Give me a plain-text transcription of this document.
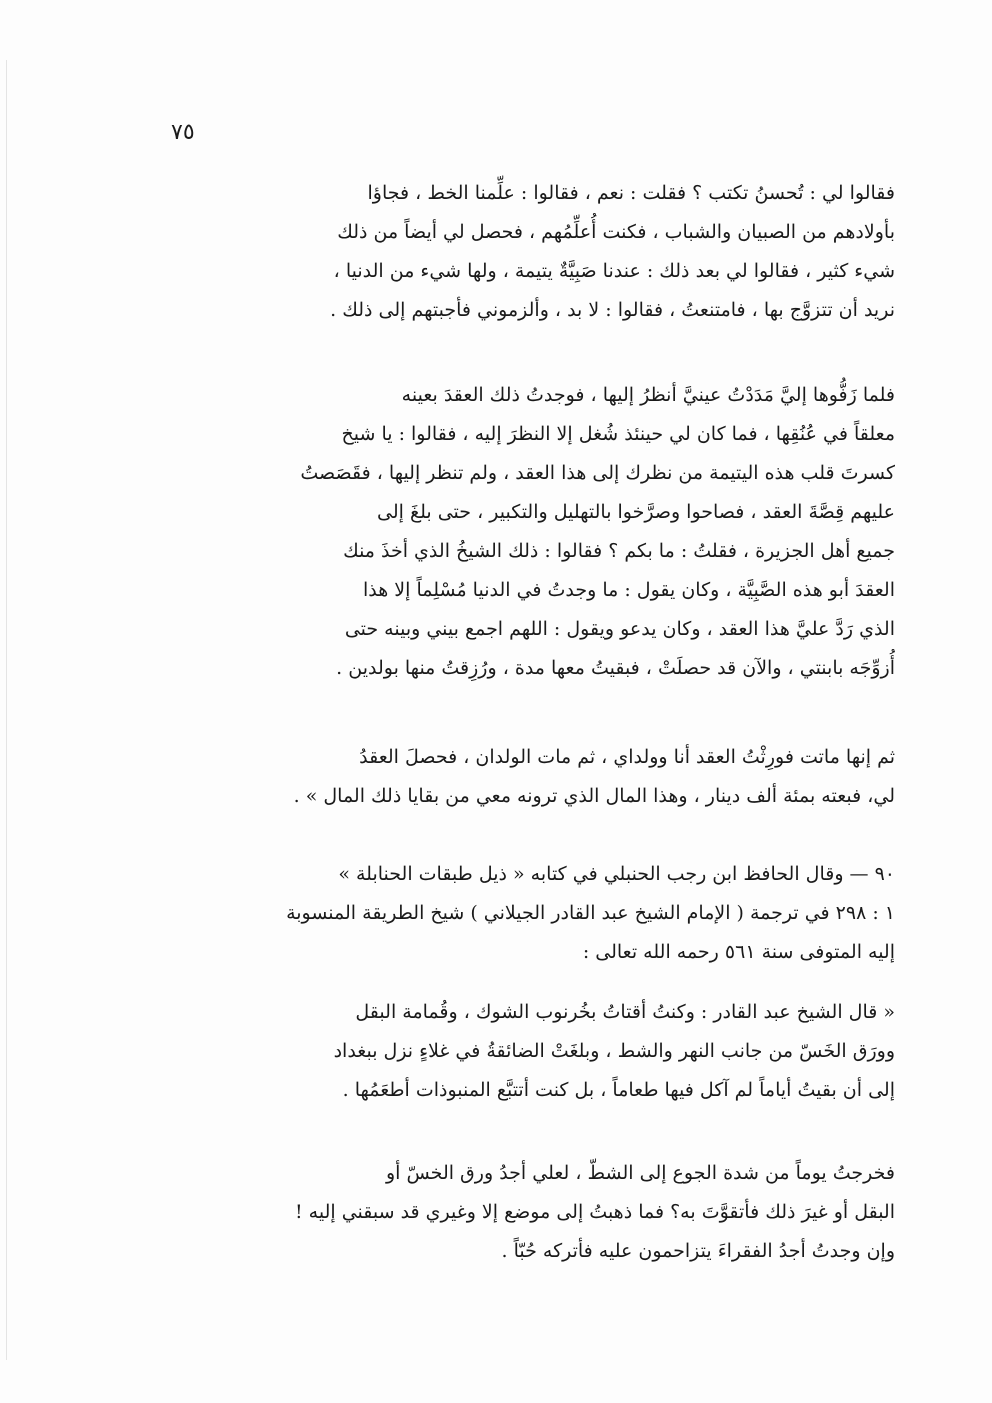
٧٥
فقالوا لي : تُحسنُ تكتب ؟ فقلت : نعم ، فقالوا : علِّمنا الخط ، فجاؤا
بأولادهم من الصبيان والشباب ، فكنت أُعلِّمُهم ، فحصل لي أيضاً من ذلك
شيء كثير ، فقالوا لي بعد ذلك : عندنا صَبِيَّةٌ يتيمة ، ولها شيء من الدنيا ،
نريد أن تتزوَّج بها ، فامتنعتُ ، فقالوا : لا بد ، وألزموني فأجبتهم إلى ذلك .
فلما زَفُّوها إليَّ مَدَدْتُ عينيَّ أنظرُ إليها ، فوجدتُ ذلك العقدَ بعينه
معلقاً في عُنُقِها ، فما كان لي حينئذ شُغل إلا النظرَ إليه ، فقالوا : يا شيخ
كسرتَ قلب هذه اليتيمة من نظرك إلى هذا العقد ، ولم تنظر إليها ، فقَصَصتُ
عليهم قِصَّةَ العقد ، فصاحوا وصرَّخوا بالتهليل والتكبير ، حتى بلغَ إلى
جميع أهل الجزيرة ، فقلتُ : ما بكم ؟ فقالوا : ذلك الشيخُ الذي أخذَ منك
العقدَ أبو هذه الصَّبِيَّة ، وكان يقول : ما وجدتُ في الدنيا مُسْلِماً إلا هذا
الذي رَدَّ عليَّ هذا العقد ، وكان يدعو ويقول : اللهم اجمع بيني وبينه حتى
أُزوِّجَه بابنتي ، والآن قد حصلَتْ ، فبقيتُ معها مدة ، ورُزِقتُ منها بولدين .
ثم إنها ماتت فورِثْتُ العقد أنا وولداي ، ثم مات الولدان ، فحصلَ العقدُ
لي، فبعته بمئة ألف دينار ، وهذا المال الذي ترونه معي من بقايا ذلك المال » .
٩٠ — وقال الحافظ ابن رجب الحنبلي في كتابه « ذيل طبقات الحنابلة »
١ : ٢٩٨ في ترجمة ( الإمام الشيخ عبد القادر الجيلاني ) شيخ الطريقة المنسوبة
إليه المتوفى سنة ٥٦١ رحمه الله تعالى :
« قال الشيخ عبد القادر : وكنتُ أقتاتُ بخُرنوب الشوك ، وقُمامة البقل
وورَق الخَسّ من جانب النهر والشط ، وبلغَتْ الضائقةُ في غلاءٍ نزل ببغداد
إلى أن بقيتُ أياماً لم آكل فيها طعاماً ، بل كنت أتتبَّع المنبوذات أطعَمُها .
فخرجتُ يوماً من شدة الجوع إلى الشطّ ، لعلي أجدُ ورق الخسّ أو
البقل أو غيرَ ذلك فأتقوَّتَ به؟ فما ذهبتُ إلى موضع إلا وغيري قد سبقني إليه !
وإن وجدتُ أجدُ الفقراءَ يتزاحمون عليه فأتركه حُبّاً .
